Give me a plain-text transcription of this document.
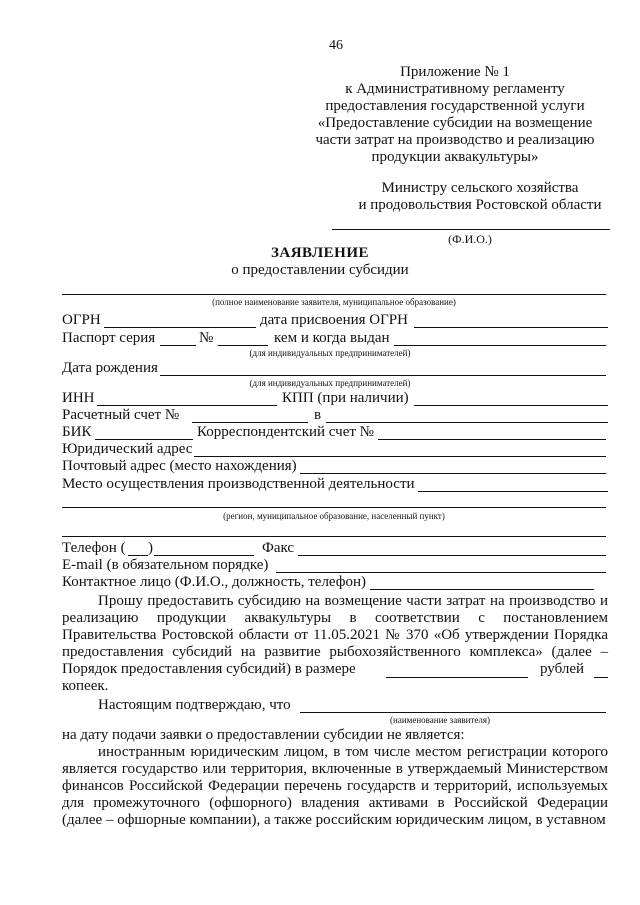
46
Приложение № 1
к Административному регламенту
предоставления государственной услуги
«Предоставление субсидии на возмещение
части затрат на производство и реализацию
продукции аквакультуры»
Министру сельского хозяйства
и продовольствия Ростовской области
(Ф.И.О.)
ЗАЯВЛЕНИЕ
о предоставлении субсидии
(полное наименование заявителя, муниципальное образование)
ОГРН	дата присвоения ОГРН
Паспорт серия	№	кем и когда выдан
(для индивидуальных предпринимателей)
Дата рождения
(для индивидуальных предпринимателей)
ИНН	КПП (при наличии)
Расчетный счет №	в
БИК	Корреспондентский счет №
Юридический адрес
Почтовый адрес (место нахождения)
Место осуществления производственной деятельности
(регион, муниципальное образование, населенный пункт)
Телефон ( )	Факс
E-mail (в обязательном порядке)
Контактное лицо (Ф.И.О., должность, телефон)
Прошу предоставить субсидию на возмещение части затрат на производство и реализацию продукции аквакультуры в соответствии с постановлением Правительства Ростовской области от 11.05.2021 № 370 «Об утверждении Порядка предоставления субсидий на развитие рыбохозяйственного комплекса» (далее – Порядок предоставления субсидий) в размере	рублей
копеек.
Настоящим подтверждаю, что
(наименование заявителя)
на дату подачи заявки о предоставлении субсидии не является:
иностранным юридическим лицом, в том числе местом регистрации которого является государство или территория, включенные в утверждаемый Министерством финансов Российской Федерации перечень государств и территорий, используемых для промежуточного (офшорного) владения активами в Российской Федерации (далее – офшорные компании), а также российским юридическим лицом, в уставном
